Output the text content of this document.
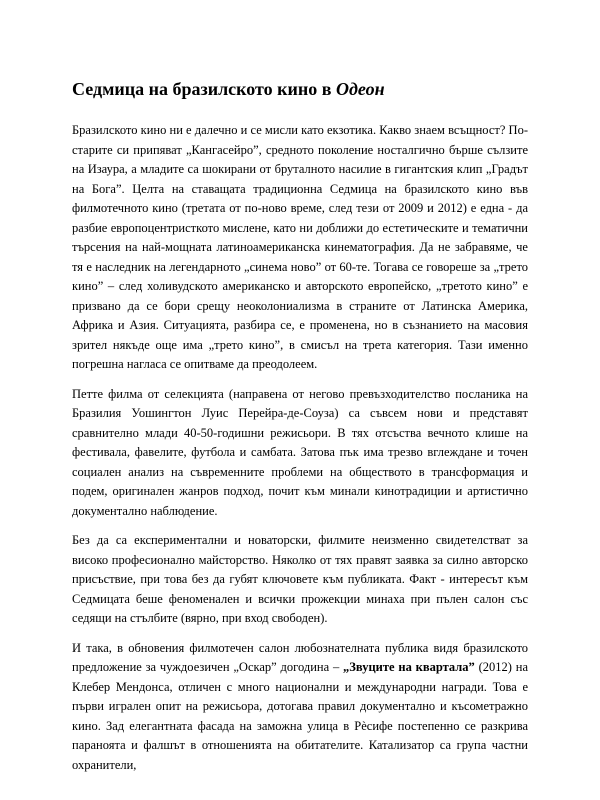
Седмица на бразилското кино в Одеон

Бразилското кино ни е далечно и се мисли като екзотика. Какво знаем всъщност? По-старите си припяват „Кангасейро”, средното поколение носталгично бърше сълзите на Изаура, а младите са шокирани от бруталното насилие в гигантския клип „Градът на Бога”. Целта на ставащата традиционна Седмица на бразилското кино във филмотечното кино (третата от по-ново време, след тези от 2009 и 2012) е една - да разбие европоцентристкото мислене, като ни доближи до естетическите и тематични търсения на най-мощната латиноамериканска кинематография. Да не забравяме, че тя е наследник на легендарното „синема ново” от 60-те. Тогава се говореше за „трето кино” – след холивудското американско и авторското европейско, „третото кино” е призвано да се бори срещу неоколониализма в страните от Латинска Америка, Африка и Азия. Ситуацията, разбира се, е променена, но в съзнанието на масовия зрител някъде още има „трето кино”, в смисъл на трета категория. Тази именно погрешна нагласа се опитваме да преодолеем.

Петте филма от селекцията (направена от негово превъзходителство посланика на Бразилия Уошингтон Луис Перейра-де-Соуза) са съвсем нови и представят сравнително млади 40-50-годишни режисьори. В тях отсъства вечното клише на фестивала, фавелите, футбола и самбата. Затова пък има трезво вглеждане и точен социален анализ на съвременните проблеми на обществото в трансформация и подем, оригинален жанров подход, почит към минали кинотрадиции и артистично документално наблюдение.

Без да са експериментални и новаторски, филмите неизменно свидетелстват за високо професионално майсторство. Няколко от тях правят заявка за силно авторско присъствие, при това без да губят ключовете към публиката. Факт - интересът към Седмицата беше феноменален и всички прожекции минаха при пълен салон със седящи на стълбите (вярно, при вход свободен).

И така, в обновения филмотечен салон любознателната публика видя бразилското предложение за чуждоезичен „Оскар” догодина – „Звуците на квартала” (2012) на Клебер Мендонса, отличен с много национални и международни награди. Това е първи игрален опит на режисьора, дотогава правил документално и късометражно кино. Зад елегантната фасада на заможна улица в Рècифе постепенно се разкрива параноята и фалшът в отношенията на обитателите. Катализатор са група частни охранители,
